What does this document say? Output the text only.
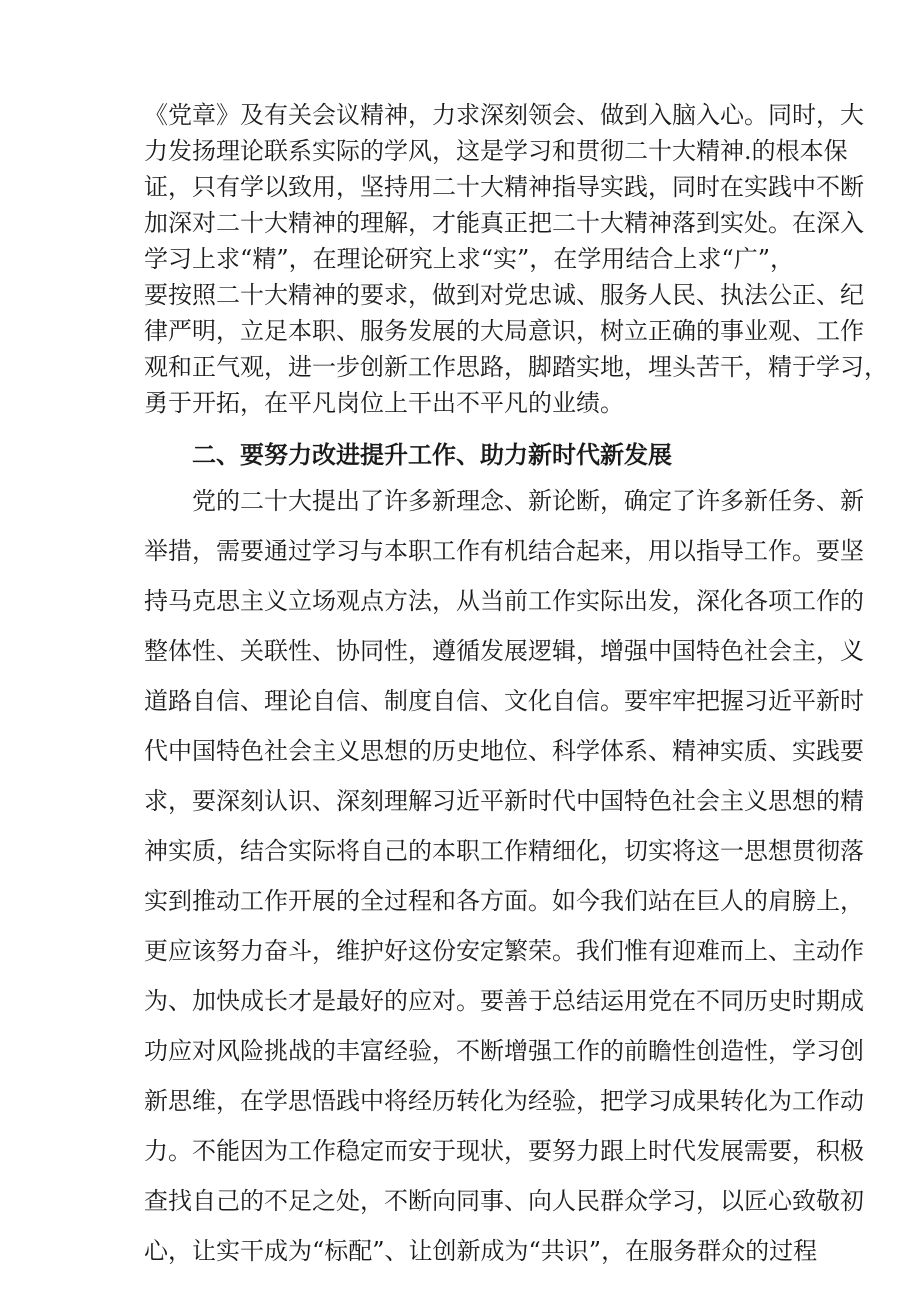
《党章》及有关会议精神，力求深刻领会、做到入脑入心。同时，大

力发扬理论联系实际的学风，这是学习和贯彻二十大精神.的根本保

证，只有学以致用，坚持用二十大精神指导实践，同时在实践中不断

加深对二十大精神的理解，才能真正把二十大精神落到实处。在深入

学习上求“精”，在理论研究上求“实”，在学用结合上求“广”，

要按照二十大精神的要求，做到对党忠诚、服务人民、执法公正、纪

律严明，立足本职、服务发展的大局意识，树立正确的事业观、工作

观和正气观，进一步创新工作思路，脚踏实地，埋头苦干，精于学习，

勇于开拓，在平凡岗位上干出不平凡的业绩。

二、要努力改进提升工作、助力新时代新发展

党的二十大提出了许多新理念、新论断，确定了许多新任务、新

举措，需要通过学习与本职工作有机结合起来，用以指导工作。要坚

持马克思主义立场观点方法，从当前工作实际出发，深化各项工作的

整体性、关联性、协同性，遵循发展逻辑，增强中国特色社会主，义

道路自信、理论自信、制度自信、文化自信。要牢牢把握习近平新时

代中国特色社会主义思想的历史地位、科学体系、精神实质、实践要

求，要深刻认识、深刻理解习近平新时代中国特色社会主义思想的精

神实质，结合实际将自己的本职工作精细化，切实将这一思想贯彻落

实到推动工作开展的全过程和各方面。如今我们站在巨人的肩膀上，

更应该努力奋斗，维护好这份安定繁荣。我们惟有迎难而上、主动作

为、加快成长才是最好的应对。要善于总结运用党在不同历史时期成

功应对风险挑战的丰富经验，不断增强工作的前瞻性创造性，学习创

新思维，在学思悟践中将经历转化为经验，把学习成果转化为工作动

力。不能因为工作稳定而安于现状，要努力跟上时代发展需要，积极

查找自己的不足之处，不断向同事、向人民群众学习，以匠心致敬初

心，让实干成为“标配”、让创新成为“共识”，在服务群众的过程
